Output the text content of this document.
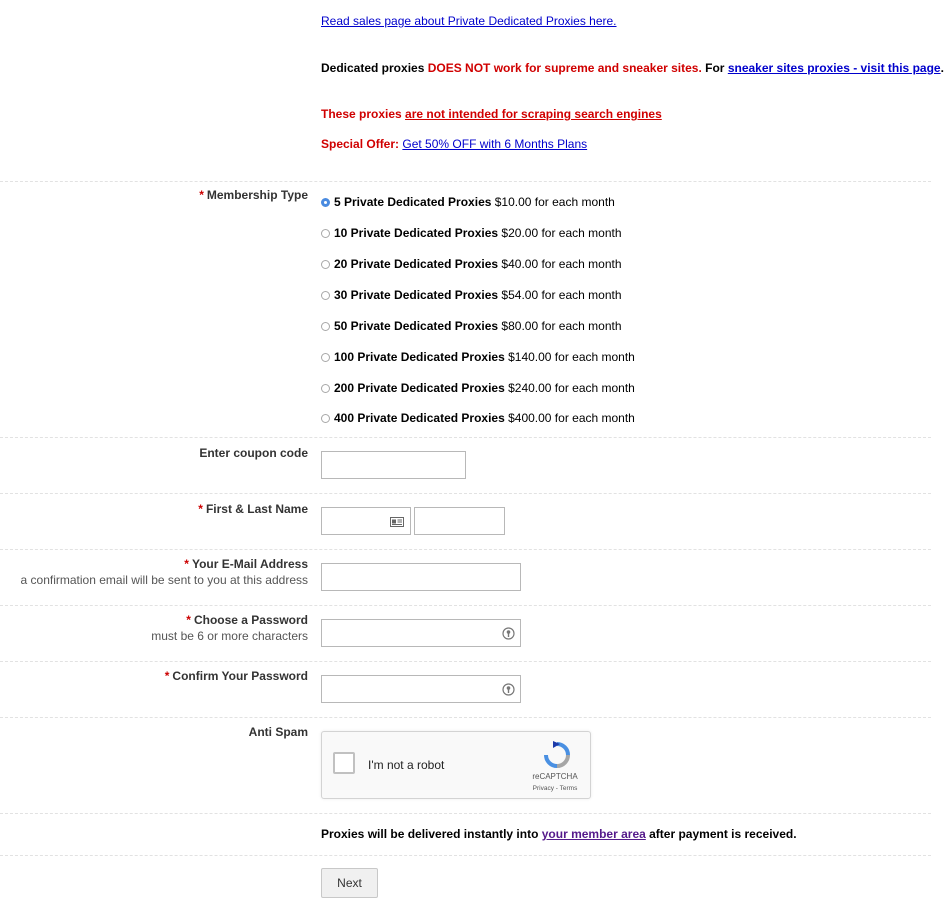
Read sales page about Private Dedicated Proxies here.
Dedicated proxies DOES NOT work for supreme and sneaker sites. For sneaker sites proxies - visit this page.
These proxies are not intended for scraping search engines
Special Offer: Get 50% OFF with 6 Months Plans
* Membership Type 5 Private Dedicated Proxies $10.00 for each month
10 Private Dedicated Proxies $20.00 for each month
20 Private Dedicated Proxies $40.00 for each month
30 Private Dedicated Proxies $54.00 for each month
50 Private Dedicated Proxies $80.00 for each month
100 Private Dedicated Proxies $140.00 for each month
200 Private Dedicated Proxies $240.00 for each month
400 Private Dedicated Proxies $400.00 for each month
Enter coupon code
* First & Last Name
* Your E-Mail Address
a confirmation email will be sent to you at this address
* Choose a Password
must be 6 or more characters
* Confirm Your Password
Anti Spam
I'm not a robot
reCAPTCHA
Privacy - Terms
Proxies will be delivered instantly into your member area after payment is received.
Next
